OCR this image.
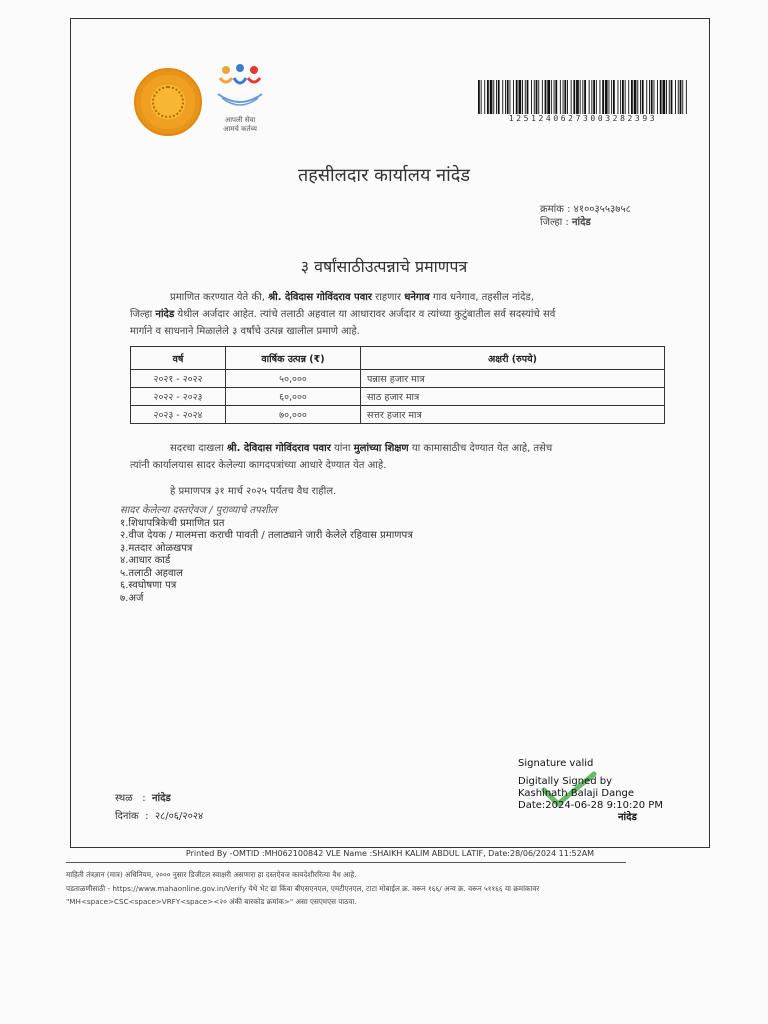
आपली सेवा
आमचे कर्तव्य
12512406273003282393
तहसीलदार कार्यालय नांदेड
क्रमांक : ४१००३५५३७५८
जिल्हा : नांदेड
३ वर्षांसाठीउत्पन्नाचे प्रमाणपत्र
प्रमाणित करण्यात येते की, श्री. देविदास गोविंदराव पवार राहणार धनेगाव गाव धनेगाव, तहसील नांदेड,
जिल्हा नांदेड येथील अर्जदार आहेत. त्यांचे तलाठी अहवाल या आधारावर अर्जदार व त्यांच्या कुटुंबातील सर्व सदस्यांचे सर्व
मार्गाने व साधनाने मिळालेले ३ वर्षांचे उत्पन्न खालील प्रमाणे आहे.
वर्ष	वार्षिक उत्पन्न (₹)	अक्षरी (रुपये)
२०२१ - २०२२	५०,०००	पन्नास हजार मात्र
२०२२ - २०२३	६०,०००	साठ हजार मात्र
२०२३ - २०२४	७०,०००	सत्तर हजार मात्र
सदरचा दाखला श्री. देविदास गोविंदराव पवार यांना मुलांच्या शिक्षण या कामासाठीच देण्यात येत आहे, तसेच
त्यांनी कार्यालयास सादर केलेल्या कागदपत्रांच्या आधारे देण्यात येत आहे.
हे प्रमाणपत्र ३१ मार्च २०२५ पर्यंतच वैध राहील.
सादर केलेल्या दस्तऐवज / पुराव्याचे तपशील
१.शिधापत्रिकेची प्रमाणित प्रत
२.वीज देयक / मालमत्ता कराची पावती / तलाठ्याने जारी केलेले रहिवास प्रमाणपत्र
३.मतदार ओळखपत्र
४.आधार कार्ड
५.तलाठी अहवाल
६.स्वघोषणा पत्र
७.अर्ज
स्थळ   :  नांदेड
दिनांक  :  २८/०६/२०२४
Signature valid
Digitally Signed by
Kashinath Balaji Dange
Date:2024-06-28 9:10:20 PM
नांदेड
Printed By -OMTID :MH062100842 VLE Name :SHAIKH KALIM ABDUL LATIF, Date:28/06/2024 11:52AM
माहिती तंत्रज्ञान (मात्र) अधिनियम, २००० नुसार डिजीटल स्वाक्षरी असणारा हा दस्तऐवज कायदेशीररित्या वैध आहे.
पडताळणीसाठी - https://www.mahaonline.gov.in/Verify येथे भेट द्या किंवा बीएसएनएल, एमटीएनएल, टाटा मोबाईल क्र. वरून १६६/ अन्य क्र. वरून ५११६६ या क्रमांकावर
"MH<space>CSC<space>VRFY<space><२० अंकी बारकोड क्रमांक>" असा एसएमएस पाठवा.
